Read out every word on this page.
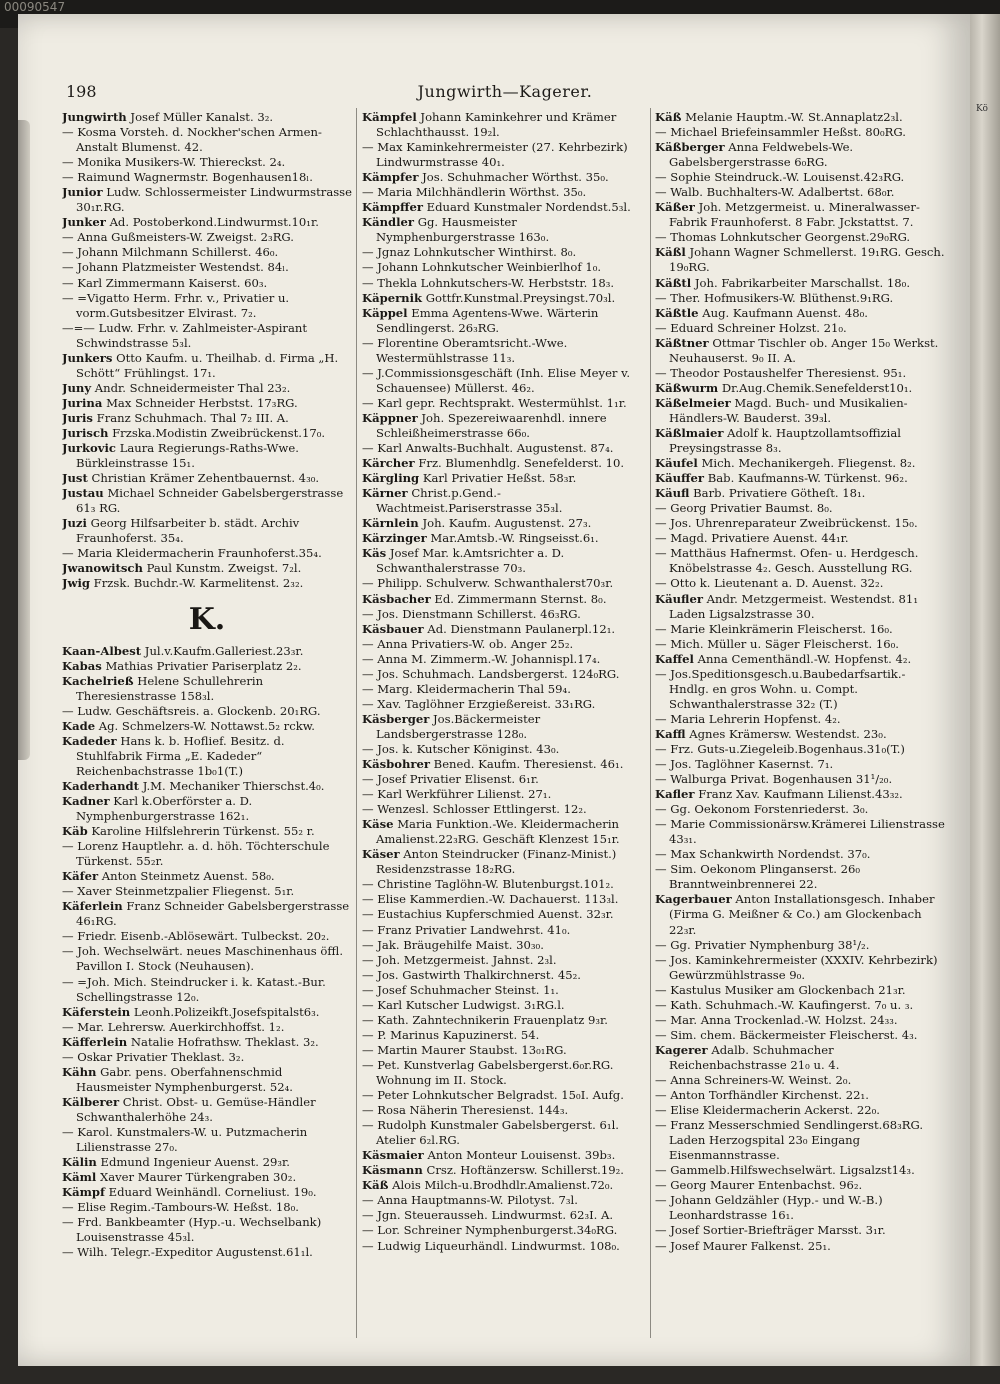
00090547
Kö
198	Jungwirth—Kagerer.
Jungwirth Josef Müller Kanalst. 3₂.
— Kosma Vorsteh. d. Nockher'schen Armen-Anstalt Blumenst. 42.
— Monika Musikers-W. Thiereckst. 2₄.
— Raimund Wagnermstr. Bogenhausen18ₗ.
Junior Ludw. Schlossermeister Lindwurmstrasse 30₁r.RG.
Junker Ad. Postoberkond.Lindwurmst.10₁r.
— Anna Gußmeisters-W. Zweigst. 2₃RG.
— Johann Milchmann Schillerst. 46₀.
— Johann Platzmeister Westendst. 84ₗ.
— Karl Zimmermann Kaiserst. 60₃.
— =Vigatto Herm. Frhr. v., Privatier u. vorm.Gutsbesitzer Elvirast. 7₂.
—=— Ludw. Frhr. v. Zahlmeister-Aspirant Schwindstrasse 5₃l.
Junkers Otto Kaufm. u. Theilhab. d. Firma „H. Schött“ Frühlingst. 17₁.
Juny Andr. Schneidermeister Thal 23₂.
Jurina Max Schneider Herbstst. 17₃RG.
Juris Franz Schuhmach. Thal 7₂ III. A.
Jurisch Frzska.Modistin Zweibrückenst.17₀.
Jurkovic Laura Regierungs-Raths-Wwe. Bürkleinstrasse 15₁.
Just Christian Krämer Zehentbauernst. 4₃₀.
Justau Michael Schneider Gabelsbergerstrasse 61₃ RG.
Juzi Georg Hilfsarbeiter b. städt. Archiv Fraunhoferst. 35₄.
— Maria Kleidermacherin Fraunhoferst.35₄.
Jwanowitsch Paul Kunstm. Zweigst. 7₂l.
Jwig Frzsk. Buchdr.-W. Karmelitenst. 2₃₂.
K.
Kaan-Albest Jul.v.Kaufm.Galleriest.23₃r.
Kabas Mathias Privatier Pariserplatz 2₂.
Kachelrieß Helene Schullehrerin Theresienstrasse 158₃l.
— Ludw. Geschäftsreis. a. Glockenb. 20₁RG.
Kade Ag. Schmelzers-W. Nottawst.5₂ rckw.
Kadeder Hans k. b. Hoflief. Besitz. d. Stuhlfabrik Firma „E. Kadeder“ Reichenbachstrasse 1b₀1(T.)
Kaderhandt J.M. Mechaniker Thierschst.4₀.
Kadner Karl k.Oberförster a. D. Nymphenburgerstrasse 162₁.
Käb Karoline Hilfslehrerin Türkenst. 55₂ r.
— Lorenz Hauptlehr. a. d. höh. Töchterschule Türkenst. 55₂r.
Käfer Anton Steinmetz Auenst. 58₀.
— Xaver Steinmetzpalier Fliegenst. 5₁r.
Käferlein Franz Schneider Gabelsbergerstrasse 46₁RG.
— Friedr. Eisenb.-Ablösewärt. Tulbeckst. 20₂.
— Joh. Wechselwärt. neues Maschinenhaus öffl. Pavillon I. Stock (Neuhausen).
— =Joh. Mich. Steindrucker i. k. Katast.-Bur. Schellingstrasse 12₀.
Käferstein Leonh.Polizeikft.Josefspitalst6₃.
— Mar. Lehrersw. Auerkirchhoffst. 1₂.
Käfferlein Natalie Hofrathsw. Theklast. 3₂.
— Oskar Privatier Theklast. 3₂.
Kähn Gabr. pens. Oberfahnenschmid Hausmeister Nymphenburgerst. 52₄.
Kälberer Christ. Obst- u. Gemüse-Händler Schwanthalerhöhe 24₃.
— Karol. Kunstmalers-W. u. Putzmacherin Lilienstrasse 27₀.
Kälin Edmund Ingenieur Auenst. 29₃r.
Käml Xaver Maurer Türkengraben 30₂.
Kämpf Eduard Weinhändl. Corneliust. 19₀.
— Elise Regim.-Tambours-W. Heßst. 18₀.
— Frd. Bankbeamter (Hyp.-u. Wechselbank) Louisenstrasse 45₃l.
— Wilh. Telegr.-Expeditor Augustenst.61₁l.
Kämpfel Johann Kaminkehrer und Krämer Schlachthausst. 19₂l.
— Max Kaminkehrermeister (27. Kehrbezirk) Lindwurmstrasse 40₁.
Kämpfer Jos. Schuhmacher Wörthst. 35₀.
— Maria Milchhändlerin Wörthst. 35₀.
Kämpffer Eduard Kunstmaler Nordendst.5₃l.
Kändler Gg. Hausmeister Nymphenburgerstrasse 163₀.
— Jgnaz Lohnkutscher Winthirst. 8₀.
— Johann Lohnkutscher Weinbierlhof 1₀.
— Thekla Lohnkutschers-W. Herbststr. 18₃.
Käpernik Gottfr.Kunstmal.Preysingst.70₃l.
Käppel Emma Agentens-Wwe. Wärterin Sendlingerst. 26₃RG.
— Florentine Oberamtsricht.-Wwe. Westermühlstrasse 11₃.
— J.Commissionsgeschäft (Inh. Elise Meyer v. Schauensee) Müllerst. 46₂.
— Karl gepr. Rechtsprakt. Westermühlst. 1₁r.
Käppner Joh. Spezereiwaarenhdl. innere Schleißheimerstrasse 66₀.
— Karl Anwalts-Buchhalt. Augustenst. 87₄.
Kärcher Frz. Blumenhdlg. Senefelderst. 10.
Kärgling Karl Privatier Heßst. 58₃r.
Kärner Christ.p.Gend.-Wachtmeist.Pariserstrasse 35₃l.
Kärnlein Joh. Kaufm. Augustenst. 27₃.
Kärzinger Mar.Amtsb.-W. Ringseisst.6₁.
Käs Josef Mar. k.Amtsrichter a. D. Schwanthalerstrasse 70₃.
— Philipp. Schulverw. Schwanthalerst70₃r.
Käsbacher Ed. Zimmermann Sternst. 8₀.
— Jos. Dienstmann Schillerst. 46₃RG.
Käsbauer Ad. Dienstmann Paulanerpl.12₁.
— Anna Privatiers-W. ob. Anger 25₂.
— Anna M. Zimmerm.-W. Johannispl.17₄.
— Jos. Schuhmach. Landsbergerst. 124₀RG.
— Marg. Kleidermacherin Thal 59₄.
— Xav. Taglöhner Erzgießereist. 33₁RG.
Käsberger Jos.Bäckermeister Landsbergerstrasse 128₀.
— Jos. k. Kutscher Königinst. 43₀.
Käsbohrer Bened. Kaufm. Theresienst. 46₁.
— Josef Privatier Elisenst. 6₁r.
— Karl Werkführer Lilienst. 27₁.
— Wenzesl. Schlosser Ettlingerst. 12₂.
Käse Maria Funktion.-We. Kleidermacherin Amalienst.22₃RG. Geschäft Klenzest 15₁r.
Käser Anton Steindrucker (Finanz-Minist.) Residenzstrasse 18₂RG.
— Christine Taglöhn-W. Blutenburgst.101₂.
— Elise Kammerdien.-W. Dachauerst. 113₃l.
— Eustachius Kupferschmied Auenst. 32₃r.
— Franz Privatier Landwehrst. 41₀.
— Jak. Bräugehilfe Maist. 30₃₀.
— Joh. Metzgermeist. Jahnst. 2₃l.
— Jos. Gastwirth Thalkirchnerst. 45₂.
— Josef Schuhmacher Steinst. 1₁.
— Karl Kutscher Ludwigst. 3₁RG.l.
— Kath. Zahntechnikerin Frauenplatz 9₃r.
— P. Marinus Kapuzinerst. 54.
— Martin Maurer Staubst. 13₀₁RG.
— Pet. Kunstverlag Gabelsbergerst.6₀r.RG. Wohnung im II. Stock.
— Peter Lohnkutscher Belgradst. 15₀I. Aufg.
— Rosa Näherin Theresienst. 144₃.
— Rudolph Kunstmaler Gabelsbergerst. 6₁l. Atelier 6₂l.RG.
Käsmaier Anton Monteur Louisenst. 39b₃.
Käsmann Crsz. Hoftänzersw. Schillerst.19₂.
Käß Alois Milch-u.Brodhdlr.Amalienst.72₀.
— Anna Hauptmanns-W. Pilotyst. 7₃l.
— Jgn. Steuerausseh. Lindwurmst. 62₃I. A.
— Lor. Schreiner Nymphenburgerst.34₀RG.
— Ludwig Liqueurhändl. Lindwurmst. 108₀.
Käß Melanie Hauptm.-W. St.Annaplatz2₃l.
— Michael Briefeinsammler Heßst. 80₀RG.
Käßberger Anna Feldwebels-We. Gabelsbergerstrasse 6₀RG.
— Sophie Steindruck.-W. Louisenst.42₃RG.
— Walb. Buchhalters-W. Adalbertst. 68₀r.
Käßer Joh. Metzgermeist. u. Mineralwasser-Fabrik Fraunhoferst. 8 Fabr. Jckstattst. 7.
— Thomas Lohnkutscher Georgenst.29₀RG.
Käßl Johann Wagner Schmellerst. 19₁RG. Gesch. 19₀RG.
Käßtl Joh. Fabrikarbeiter Marschallst. 18₀.
— Ther. Hofmusikers-W. Blüthenst.9₁RG.
Käßtle Aug. Kaufmann Auenst. 48₀.
— Eduard Schreiner Holzst. 21₀.
Käßtner Ottmar Tischler ob. Anger 15₀ Werkst. Neuhauserst. 9₀ II. A.
— Theodor Postaushelfer Theresienst. 95₁.
Käßwurm Dr.Aug.Chemik.Senefelderst10₁.
Käßelmeier Magd. Buch- und Musikalien-Händlers-W. Bauderst. 39₃l.
Käßlmaier Adolf k. Hauptzollamtsoffizial Preysingstrasse 8₃.
Käufel Mich. Mechanikergeh. Fliegenst. 8₂.
Käuffer Bab. Kaufmanns-W. Türkenst. 96₂.
Käufl Barb. Privatiere Götheſt. 18₁.
— Georg Privatier Baumst. 8₀.
— Jos. Uhrenreparateur Zweibrückenst. 15₀.
— Magd. Privatiere Auenst. 44₁r.
— Matthäus Hafnermst. Ofen- u. Herdgesch. Knöbelstrasse 4₂. Gesch. Ausstellung RG.
— Otto k. Lieutenant a. D. Auenst. 32₂.
Käufler Andr. Metzgermeist. Westendst. 81₁ Laden Ligsalzstrasse 30.
— Marie Kleinkrämerin Fleischerst. 16₀.
— Mich. Müller u. Säger Fleischerst. 16₀.
Kaffel Anna Cementhändl.-W. Hopfenst. 4₂.
— Jos.Speditionsgesch.u.Baubedarfsartik.-Hndlg. en gros Wohn. u. Compt. Schwanthalerstrasse 32₂ (T.)
— Maria Lehrerin Hopfenst. 4₂.
Kaffl Agnes Krämersw. Westendst. 23₀.
— Frz. Guts-u.Ziegeleib.Bogenhaus.31₀(T.)
— Jos. Taglöhner Kasernst. 7₁.
— Walburga Privat. Bogenhausen 31¹/₂₀.
Kafler Franz Xav. Kaufmann Lilienst.43₃₂.
— Gg. Oekonom Forstenriederst. 3₀.
— Marie Commissionärsw.Krämerei Lilienstrasse 43₃₁.
— Max Schankwirth Nordendst. 37₀.
— Sim. Oekonom Plinganserst. 26₀ Branntweinbrennerei 22.
Kagerbauer Anton Installationsgesch. Inhaber (Firma G. Meißner & Co.) am Glockenbach 22₃r.
— Gg. Privatier Nymphenburg 38¹/₂.
— Jos. Kaminkehrermeister (XXXIV. Kehrbezirk) Gewürzmühlstrasse 9₀.
— Kastulus Musiker am Glockenbach 21₃r.
— Kath. Schuhmach.-W. Kaufingerst. 7₀ u. ₃.
— Mar. Anna Trockenlad.-W. Holzst. 24₃₃.
— Sim. chem. Bäckermeister Fleischerst. 4₃.
Kagerer Adalb. Schuhmacher Reichenbachstrasse 21₀ u. 4.
— Anna Schreiners-W. Weinst. 2₀.
— Anton Torfhändler Kirchenst. 22₁.
— Elise Kleidermacherin Ackerst. 22₀.
— Franz Messerschmied Sendlingerst.68₃RG. Laden Herzogspital 23₀ Eingang Eisenmannstrasse.
— Gammelb.Hilfswechselwärt. Ligsalzst14₃.
— Georg Maurer Entenbachst. 96₂.
— Johann Geldzähler (Hyp.- und W.-B.) Leonhardstrasse 16₁.
— Josef Sortier-Briefträger Marsst. 3₁r.
— Josef Maurer Falkenst. 25₁.
